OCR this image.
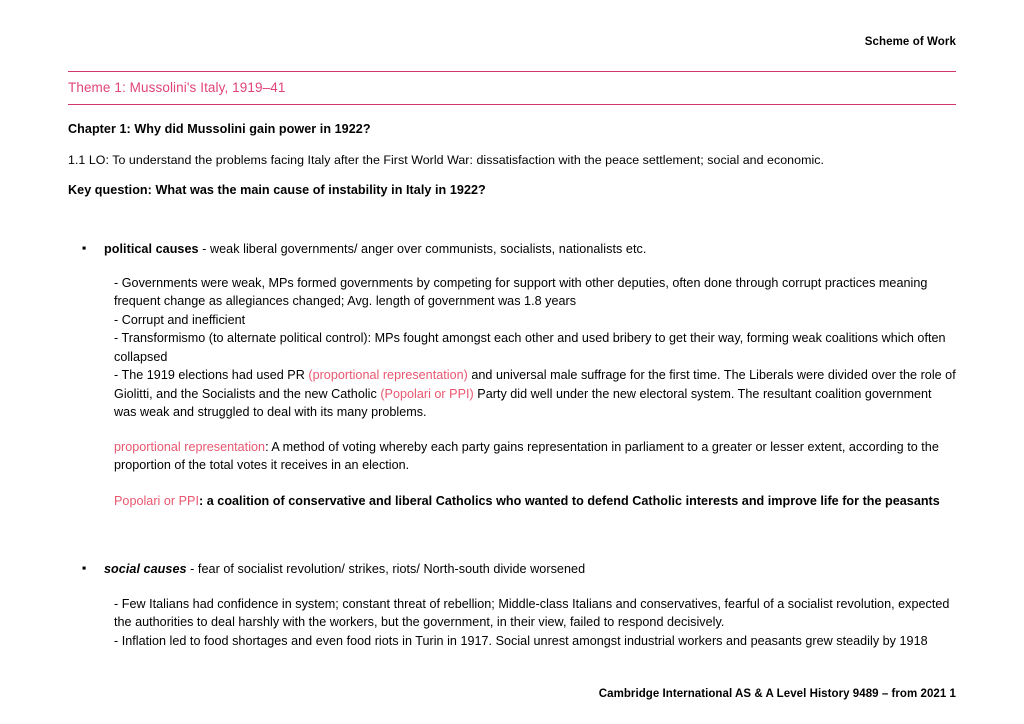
Scheme of Work
Theme 1: Mussolini's Italy, 1919–41
Chapter 1: Why did Mussolini gain power in 1922?
1.1 LO: To understand the problems facing Italy after the First World War: dissatisfaction with the peace settlement; social and economic.
Key question: What was the main cause of instability in Italy in 1922?
▪	political causes - weak liberal governments/ anger over communists, socialists, nationalists etc.
- Governments were weak, MPs formed governments by competing for support with other deputies, often done through corrupt practices meaning frequent change as allegiances changed; Avg. length of government was 1.8 years
- Corrupt and inefficient
- Transformismo (to alternate political control): MPs fought amongst each other and used bribery to get their way, forming weak coalitions which often collapsed
- The 1919 elections had used PR (proportional representation) and universal male suffrage for the first time. The Liberals were divided over the role of Giolitti, and the Socialists and the new Catholic (Popolari or PPI) Party did well under the new electoral system. The resultant coalition government was weak and struggled to deal with its many problems.
proportional representation: A method of voting whereby each party gains representation in parliament to a greater or lesser extent, according to the proportion of the total votes it receives in an election.
Popolari or PPI: a coalition of conservative and liberal Catholics who wanted to defend Catholic interests and improve life for the peasants
▪	social causes - fear of socialist revolution/ strikes, riots/ North-south divide worsened
- Few Italians had confidence in system; constant threat of rebellion; Middle-class Italians and conservatives, fearful of a socialist revolution, expected the authorities to deal harshly with the workers, but the government, in their view, failed to respond decisively.
- Inflation led to food shortages and even food riots in Turin in 1917. Social unrest amongst industrial workers and peasants grew steadily by 1918
Cambridge International AS & A Level History 9489 – from 2021 1
